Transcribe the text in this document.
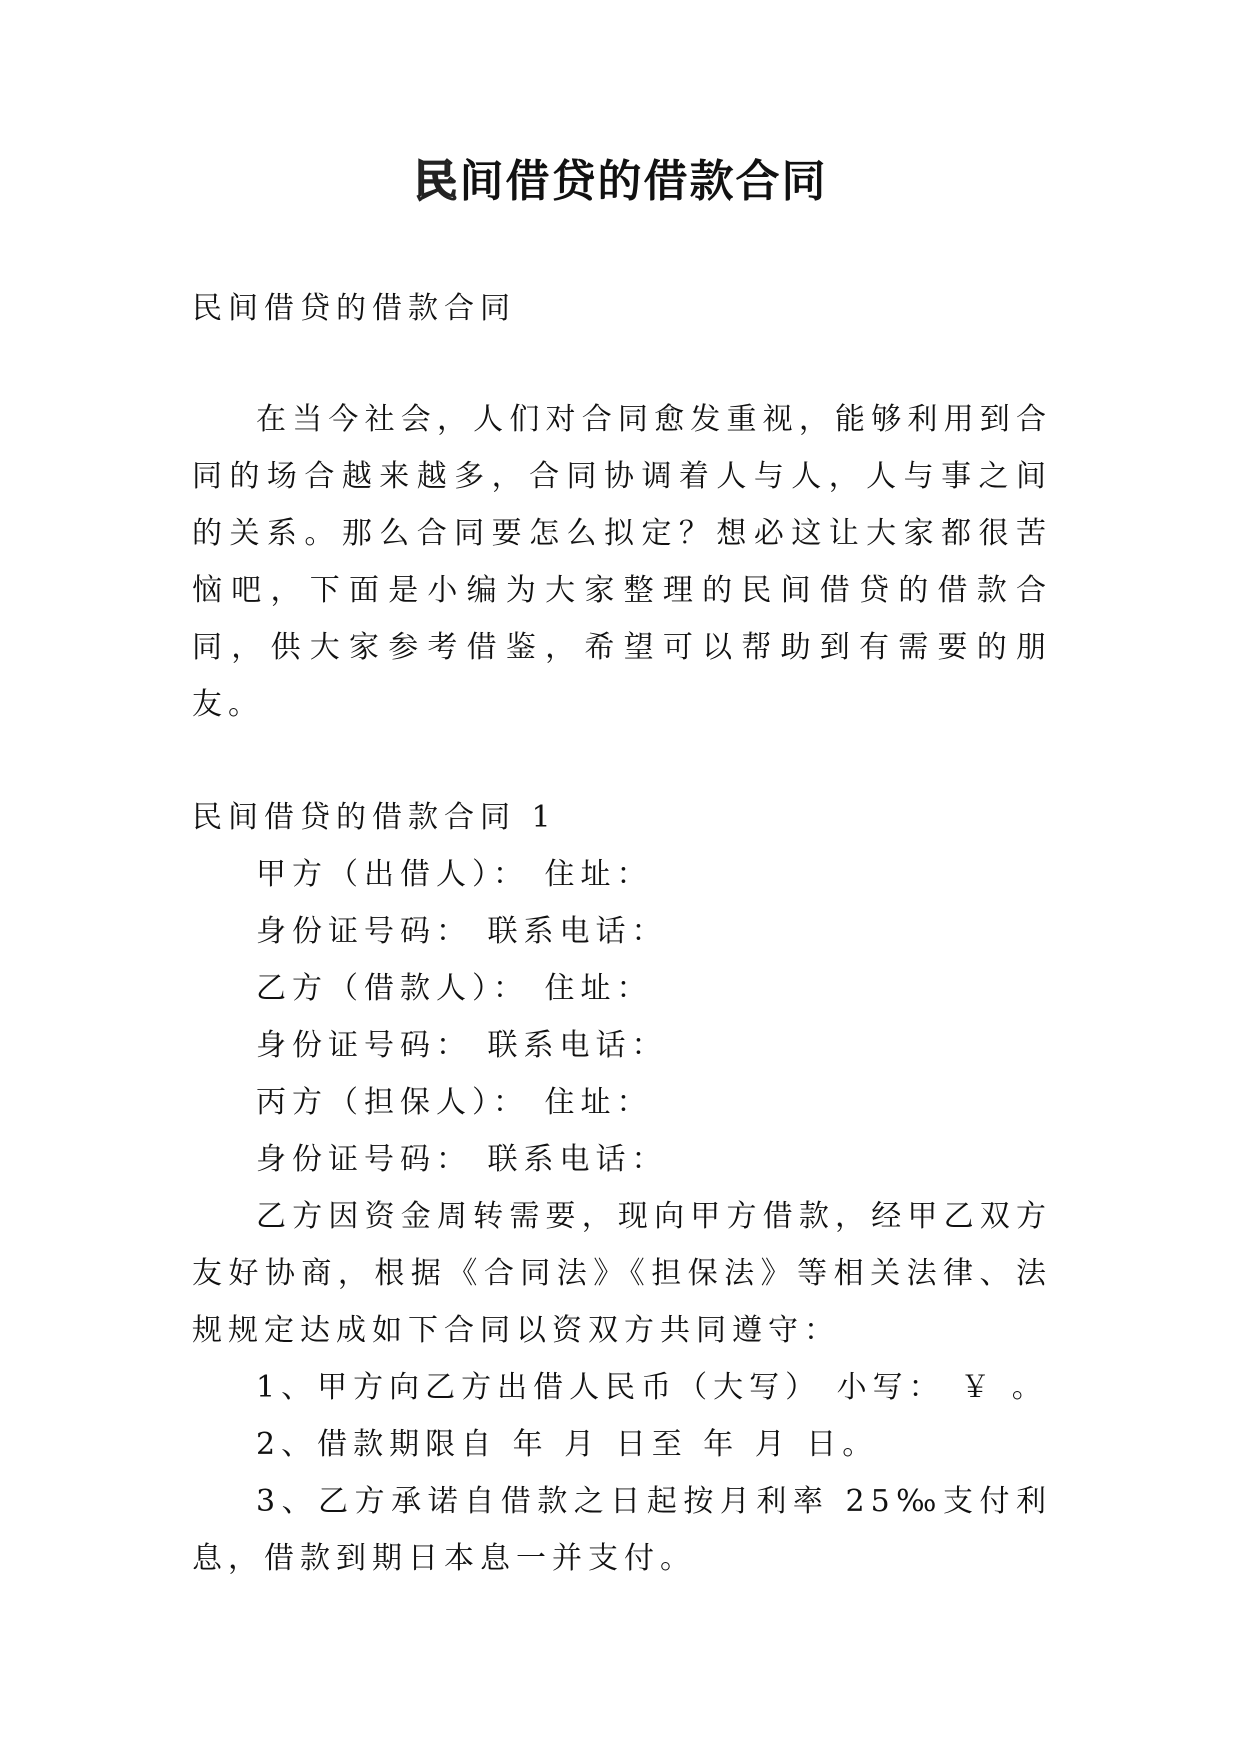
民间借贷的借款合同

民间借贷的借款合同

在当今社会，人们对合同愈发重视，能够利用到合同的场合越来越多，合同协调着人与人，人与事之间的关系。那么合同要怎么拟定？想必这让大家都很苦恼吧，下面是小编为大家整理的民间借贷的借款合同，供大家参考借鉴，希望可以帮助到有需要的朋友。

民间借贷的借款合同 1

甲方（出借人）： 住址：

身份证号码： 联系电话：

乙方（借款人）： 住址：

身份证号码： 联系电话：

丙方（担保人）： 住址：

身份证号码： 联系电话：

乙方因资金周转需要，现向甲方借款，经甲乙双方友好协商，根据《合同法》《担保法》等相关法律、法规规定达成如下合同以资双方共同遵守：

1、甲方向乙方出借人民币（大写） 小写： ￥ 。

2、借款期限自 年 月 日至 年 月 日。

3、乙方承诺自借款之日起按月利率 25‰支付利息，借款到期日本息一并支付。
